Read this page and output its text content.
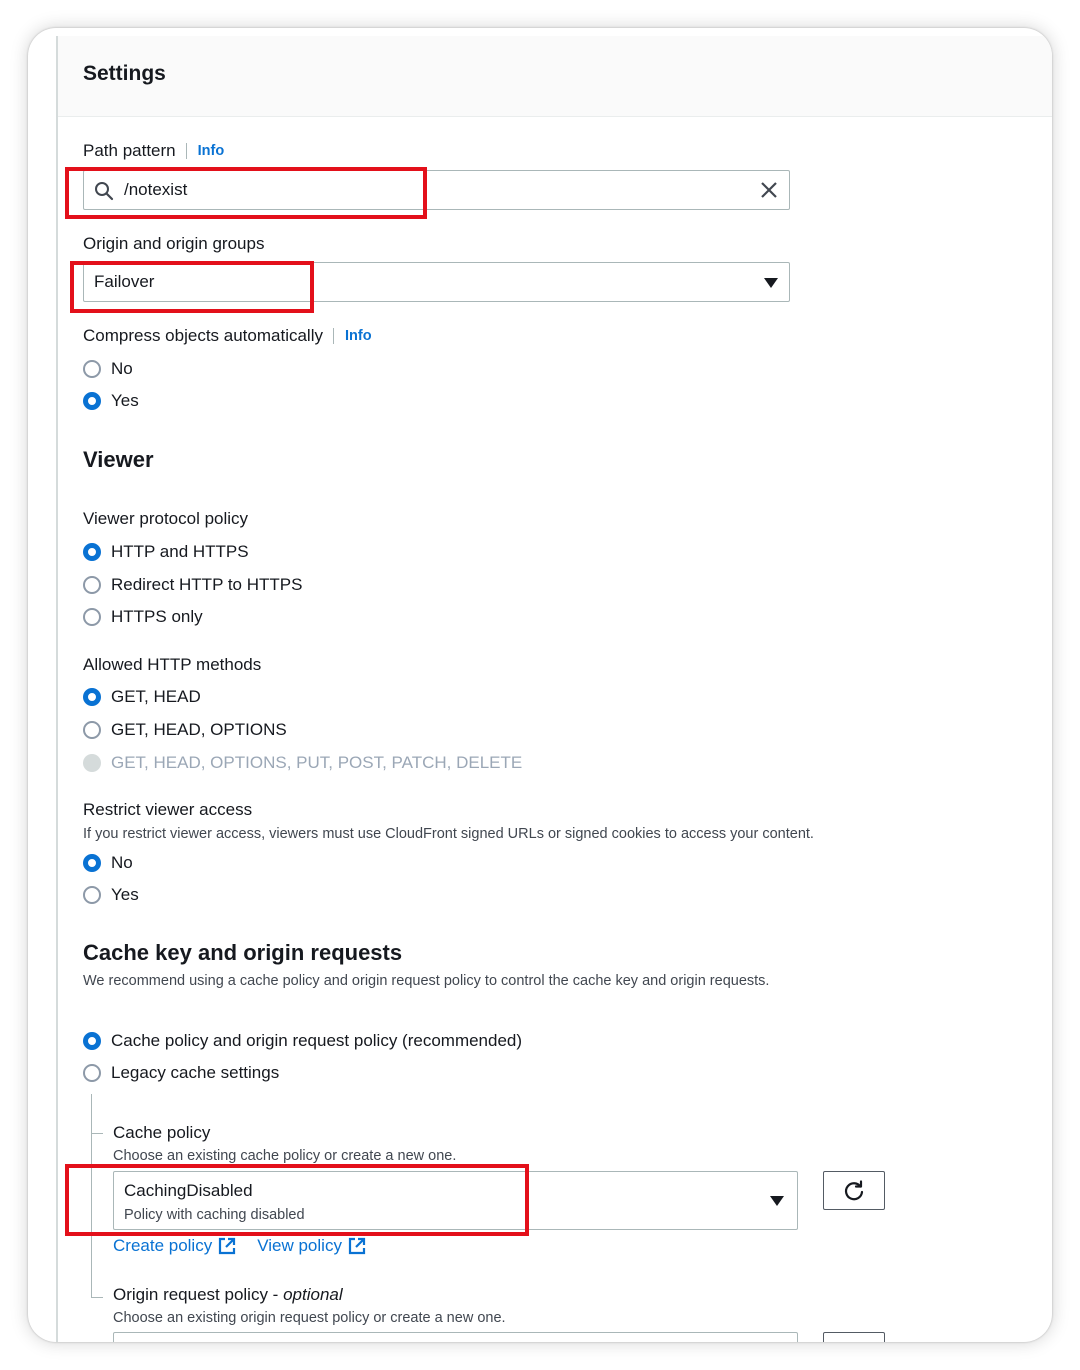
Settings
Path pattern	Info
/notexist
Origin and origin groups
Failover
Compress objects automatically	Info
No
Yes
Viewer
Viewer protocol policy
HTTP and HTTPS
Redirect HTTP to HTTPS
HTTPS only
Allowed HTTP methods
GET, HEAD
GET, HEAD, OPTIONS
GET, HEAD, OPTIONS, PUT, POST, PATCH, DELETE
Restrict viewer access
If you restrict viewer access, viewers must use CloudFront signed URLs or signed cookies to access your content.
No
Yes
Cache key and origin requests
We recommend using a cache policy and origin request policy to control the cache key and origin requests.
Cache policy and origin request policy (recommended)
Legacy cache settings
Cache policy
Choose an existing cache policy or create a new one.
CachingDisabled
Policy with caching disabled
Create policy	View policy
Origin request policy - optional
Choose an existing origin request policy or create a new one.
